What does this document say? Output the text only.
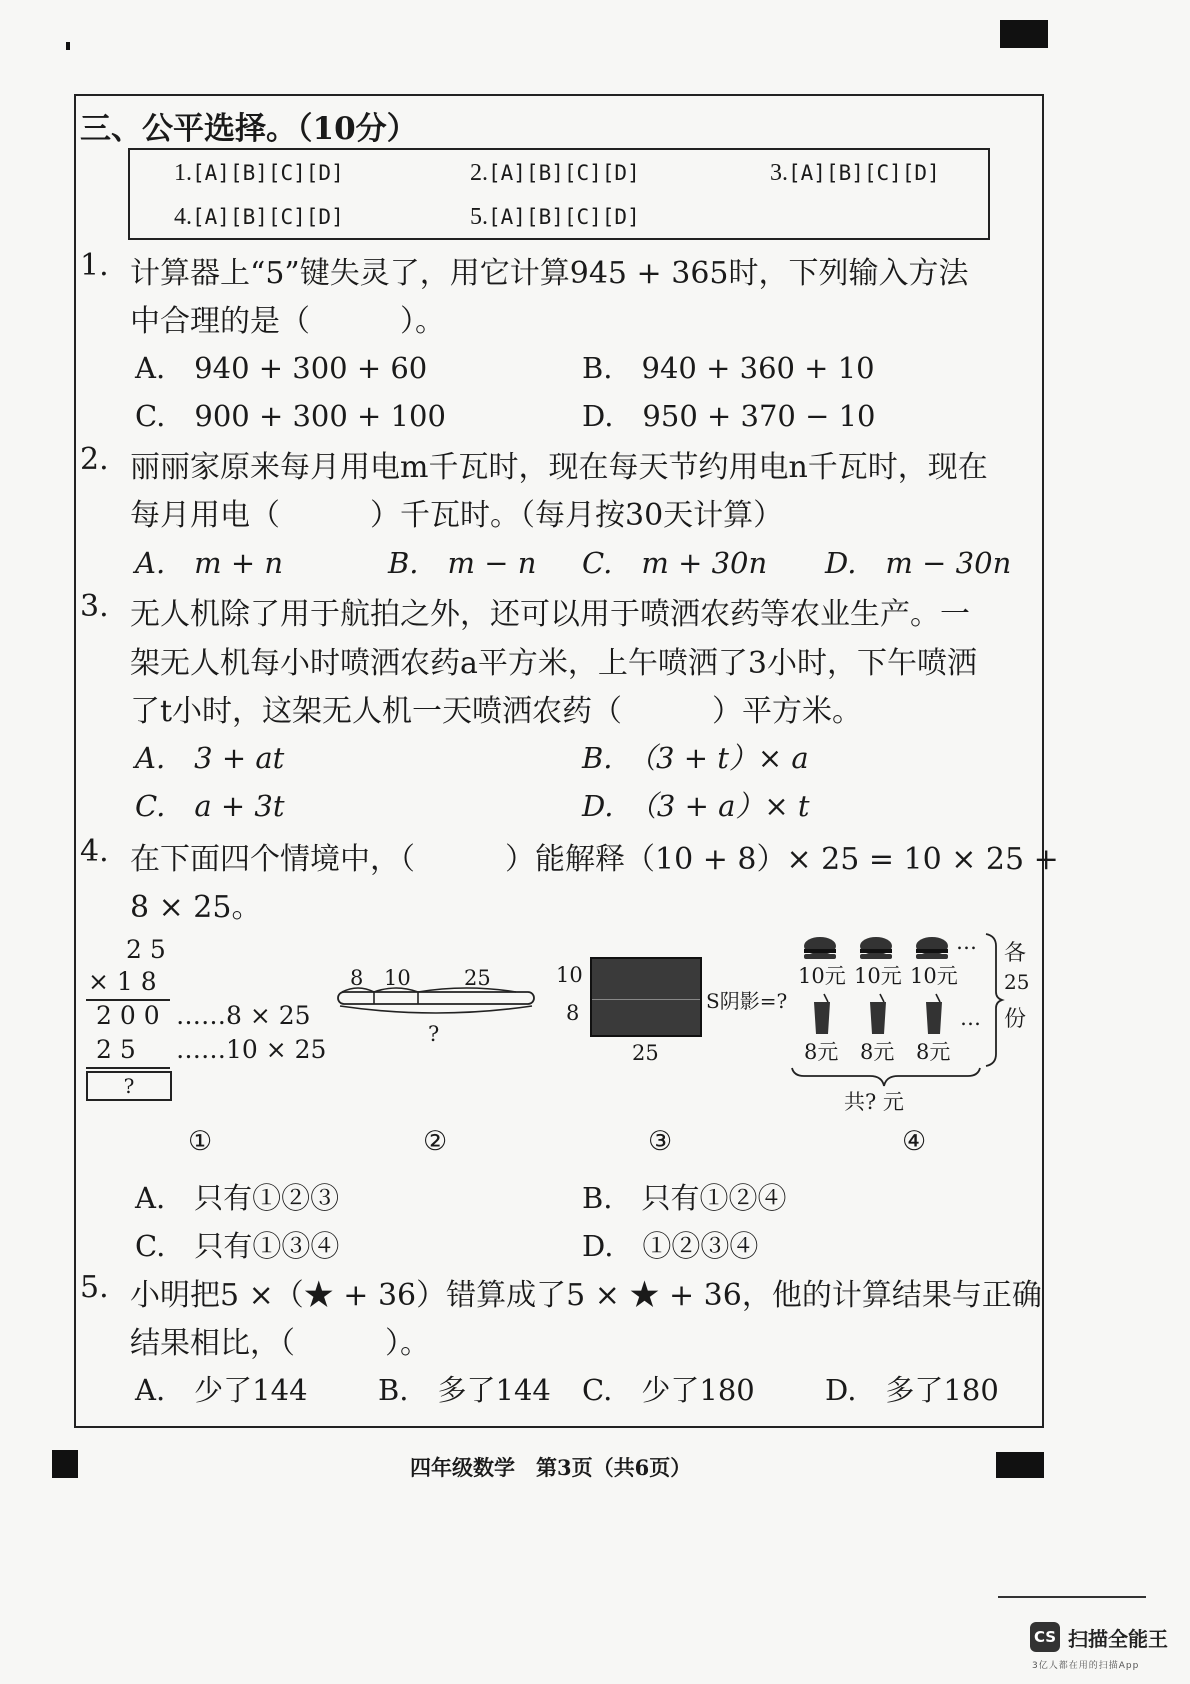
三、公平选择。（10分）
1.[A][B][C][D]	2.[A][B][C][D]	3.[A][B][C][D]
4.[A][B][C][D]	5.[A][B][C][D]
1. 计算器上“5”键失灵了，用它计算945 + 365时，下列输入方法
中合理的是（　　　）。
A.　940 + 300 + 60	B.　940 + 360 + 10
C.　900 + 300 + 100	D.　950 + 370 − 10
2. 丽丽家原来每月用电m千瓦时，现在每天节约用电n千瓦时，现在
每月用电（　　　）千瓦时。（每月按30天计算）
A.　m + n	B.　m − n C.　m + 30n D.　m − 30n
3. 无人机除了用于航拍之外，还可以用于喷洒农药等农业生产。一
架无人机每小时喷洒农药a平方米，上午喷洒了3小时，下午喷洒
了t小时，这架无人机一天喷洒农药（　　　）平方米。
A.　3 + at	B.　（3 + t）× a
C.　a + 3t	D.　（3 + a）× t
4. 在下面四个情境中，（　　　）能解释（10 + 8）× 25 = 10 × 25 +
8 × 25。
2 5
× 1 8
2 0 0 ……8 × 25
2 5 ……10 × 25
?
8 10	25
?
10
8
25
S阴影=?
10元 10元 10元
…
8元 8元 8元
…
各
25
份
共? 元
①	②	③	④
A.　只有①②③	B.　只有①②④
C.　只有①③④	D.　①②③④
5. 小明把5 ×（★ + 36）错算成了5 × ★ + 36，他的计算结果与正确
结果相比，（　　　）。
A.　少了144 B.　多了144 C.　少了180 D.　多了180
四年级数学　第3页（共6页）
CS 扫描全能王
3亿人都在用的扫描App
